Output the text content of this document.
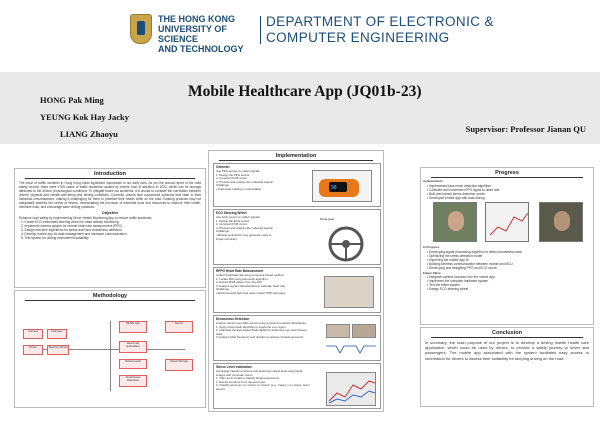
THE HONG KONG
UNIVERSITY OF SCIENCE
AND TECHNOLOGY
DEPARTMENT OF ELECTRONIC &
COMPUTER ENGINEERING
HONG Pak Ming
YEUNG Kok Hay Jacky
LIANG Zhaoyu
Mobile Healthcare App (JQ01b-23)
Supervisor: Professor Jianan QU
Introduction
The issue of traffic incidents in Hong Kong holds significant importance in our daily lives. As per the annual report of the road safety council, there were 4765 cases of traffic accidents caused by drivers' lack of attention in 2022, which can be strongly attributed to the drivers' physiological conditions. To mitigate future car accidents, it is crucial to consider the correlation between drivers' physical and mental well-being and driving conditions. Currently, drivers lack customized solutions that cater to their individual circumstances, making it challenging for them to prioritize their health while on the road. Existing products may not adequately address the needs of drivers, necessitating the provision of essential tools and resources to improve their health, minimize risks, and encourage safer driving practices.
Objective
Enhance road safety by implementing Driver Health Monitoring App to reduce traffic accidents:
1. Create ECG-embedded steering wheel for heart activity monitoring.
2. Implement camera system for remote heart rate measurement (PPG).
3. Design real-time algorithms for stress level and drowsiness detection.
4. Develop mobile app for data management and hardware communication.
5. Test system for driving environment suitability.
Methodology
Camera	Oximeter
Driver	Steering Wheel
Mobile App	Server
Heart rate Estimation
Stress Level
Drowsiness Detection
Cloud Storage
Implementation
Oximeter
Use PPG sensor to collect signals
1. Design the PPG sensor
2. Construct PCB circuit
3. Process and analyze the collected signals
Challenge:
• Inaccurate reading is unavoidable	98
ECG Steering Wheel
Use ECG sensor to collect signals
1. Design the ECG sensor
2. Construct PCB circuit
3. Process and analyze the collected signals
Challenge:
• Muscle contraction may generate noise to
impact accuracy
Metal plate
RPPG Heart Rate Measurement
Collect heartbeat rate using a camera-based method
1. Locate ROI using facemesh algorithm.
2. Extract RGB values from the ROI
3. Analyze signal characteristics to estimate heart rate.
Challenge:
• Environmental light and noise impact rPPG accuracy
Drowsiness Detection
Analyze drivers' eye blink events using a camera to detect drowsiness.
1. Apply a facemesh algorithm to locate the eye region
2. Calculate the Eye Aspect Ratio (EAR) to determine eye open/closed state.
3. Analyze blink frequency and duration to assess drowsiness levels.
Stress Level estimation
Accurately classify emotions and determine stress level using facial images with computer vision.
1. Train an AI model to classify facial expressions.
2. Extract emotions from camera input.
3. Classify stress as "no stress" or "stress" (e.g., happy = no stress, fear = stress).
Progress
Achievements:
• Implemented face-mesh detection algorithm
• Collected and converted rPPG signal to heart rate
• Built and trained stress detection model
• Developed mobile app with data storing
In Progress:
• Developing signal processing algorithm to detect drowsiness data
• Optimizing the stress detection model
• Improving the mobile app UI
• Building wireless communication between mobile and MCU
• Developing and designing PPG and ECG circuit
Future Plans:
• Integrate camera functions into the mobile app.
• Implement the complete hardware system.
• Test the entire system.
• Design ECG steering wheel
Conclusion
In summary, the main purpose of our project is to develop a driving mobile health care application, which could be used by drivers, to provide a safety journey to driver and passengers. The mobile app associated with the system facilitates easy access to information for drivers to assess their suitability for keeping driving on the road.
